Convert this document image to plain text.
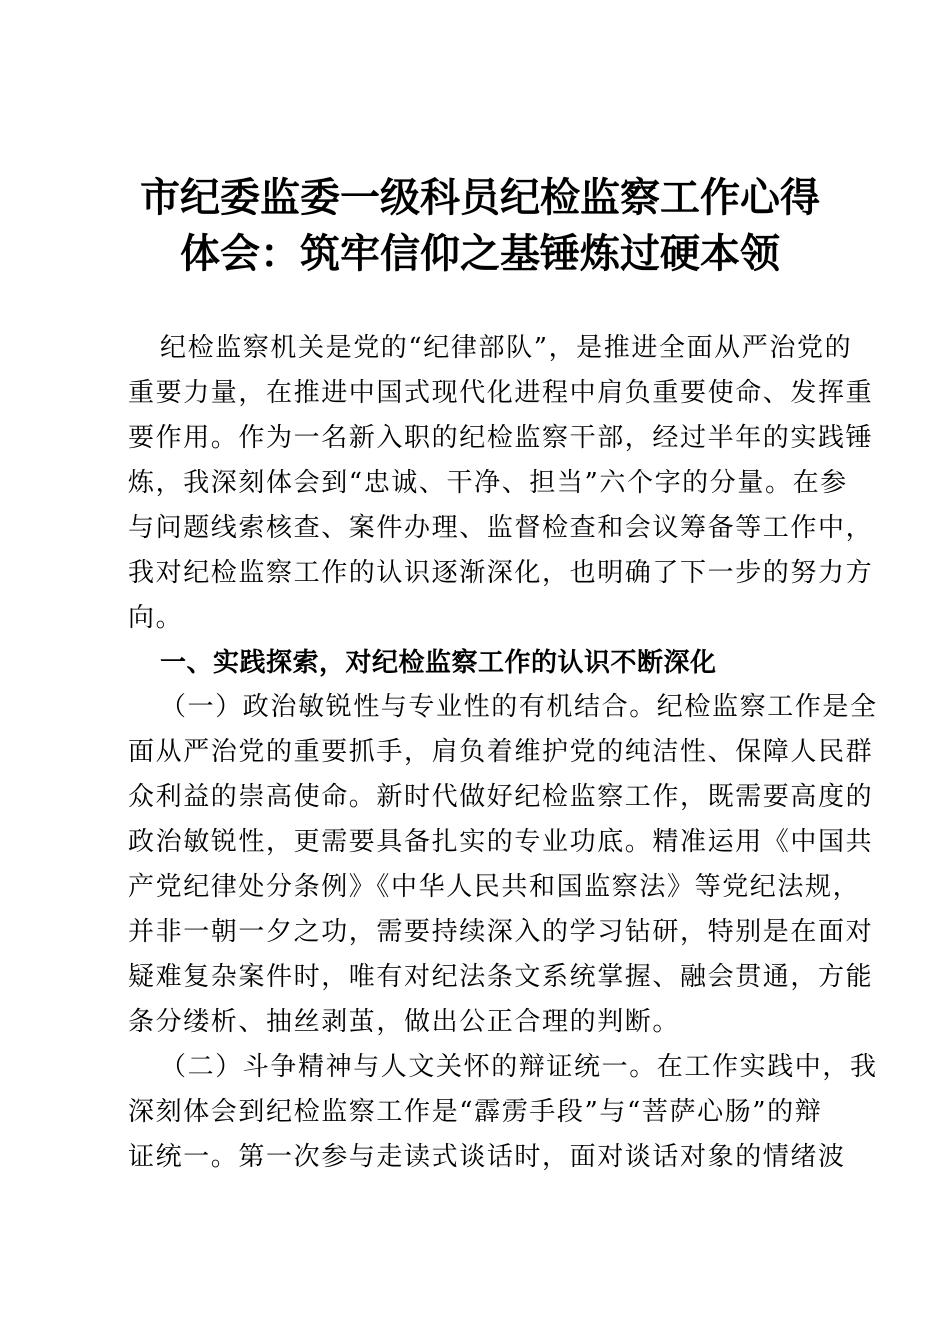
市纪委监委一级科员纪检监察工作心得
体会：筑牢信仰之基锤炼过硬本领

纪检监察机关是党的“纪律部队”，是推进全面从严治党的

重要力量，在推进中国式现代化进程中肩负重要使命、发挥重

要作用。作为一名新入职的纪检监察干部，经过半年的实践锤

炼，我深刻体会到“忠诚、干净、担当”六个字的分量。在参

与问题线索核查、案件办理、监督检查和会议筹备等工作中，

我对纪检监察工作的认识逐渐深化，也明确了下一步的努力方

向。

一、实践探索，对纪检监察工作的认识不断深化

（一）政治敏锐性与专业性的有机结合。纪检监察工作是全

面从严治党的重要抓手，肩负着维护党的纯洁性、保障人民群

众利益的崇高使命。新时代做好纪检监察工作，既需要高度的

政治敏锐性，更需要具备扎实的专业功底。精准运用《中国共

产党纪律处分条例》《中华人民共和国监察法》等党纪法规，

并非一朝一夕之功，需要持续深入的学习钻研，特别是在面对

疑难复杂案件时，唯有对纪法条文系统掌握、融会贯通，方能

条分缕析、抽丝剥茧，做出公正合理的判断。

（二）斗争精神与人文关怀的辩证统一。在工作实践中，我

深刻体会到纪检监察工作是“霹雳手段”与“菩萨心肠”的辩

证统一。第一次参与走读式谈话时，面对谈话对象的情绪波
